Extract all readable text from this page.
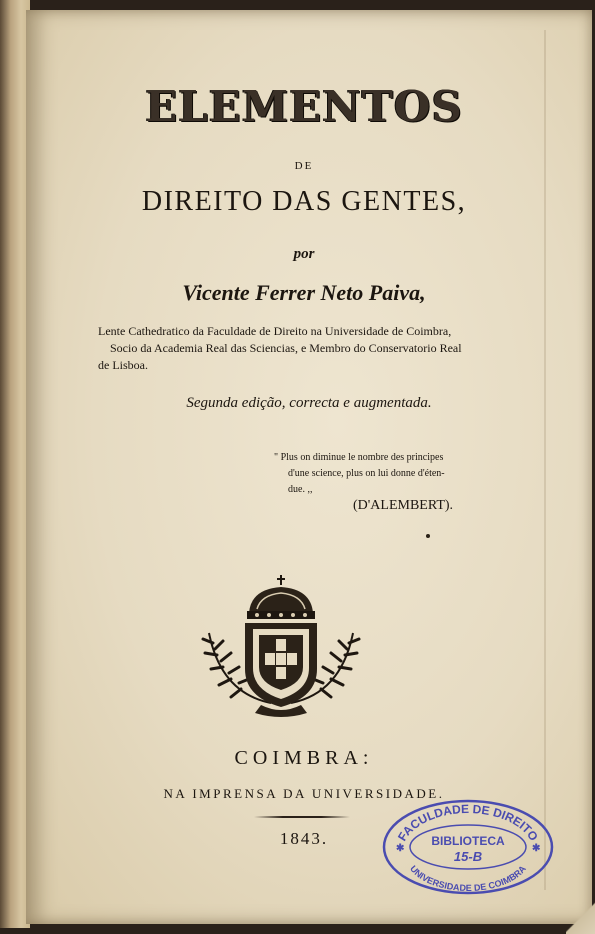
ELEMENTOS
DE
DIREITO DAS GENTES,
por
Vicente Ferrer Neto Paiva,
Lente Cathedratico da Faculdade de Direito na Universidade de Coimbra,
Socio da Academia Real das Sciencias, e Membro do Conservatorio Real
de Lisboa.
Segunda edição, correcta e augmentada.
" Plus on diminue le nombre des principes
d'une science, plus on lui donne d'éten-
due. ,,
(D'ALEMBERT).
COIMBRA:
NA IMPRENSA DA UNIVERSIDADE.
1843.	FACULDADE DE DIREITO
UNIVERSIDADE DE COIMBRA
BIBLIOTECA
15-B
✱	✱
